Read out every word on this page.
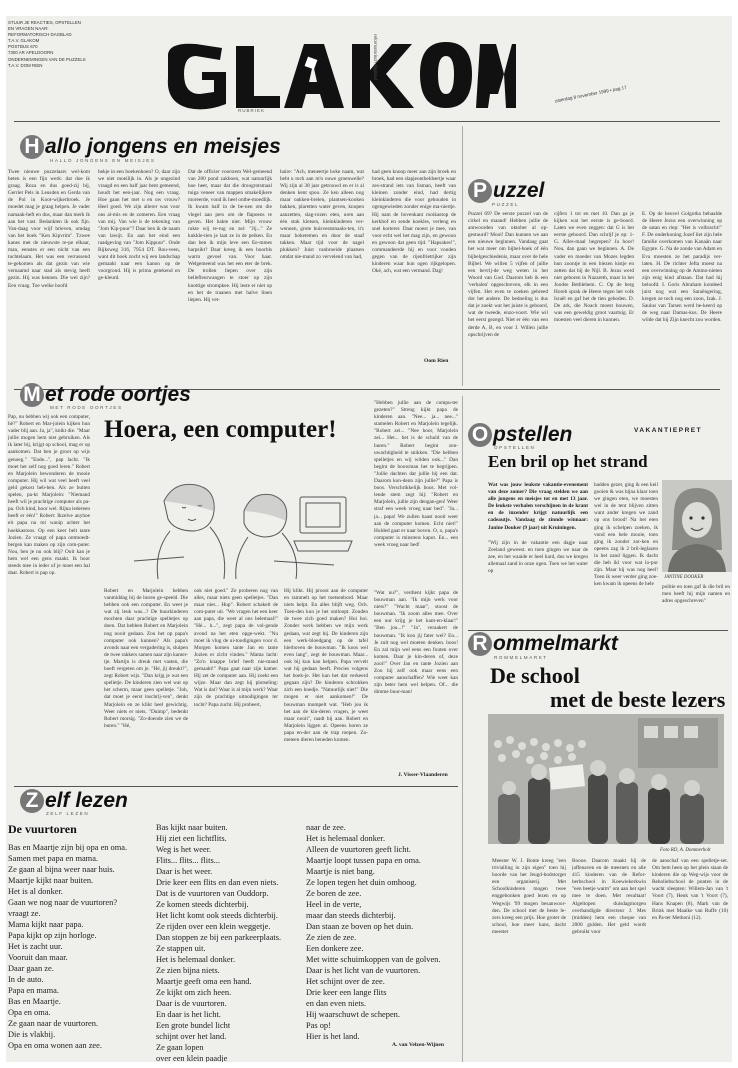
STUUR JE REACTIES, OPSTELLEN
EN VRAGEN NAAR:
REFORMATORISCH DAGBLAD
T.A.V. GLAKOM
POSTBUS 670
7300 AR APELDOORN
ONDERNEMINGEN VAN DE PUZZELS
T.A.V. DOM RIEN
RUBRIEK
reformatorisch dagblad
zaterdag 8 november 1999 • pag 17
H allo jongens en meisjes
HALLO JONGENS EN MEISJES
Twee nieuwe puzzelaars wel-kom heten is een fijn werk: dat doe ik graag. Roza en dus goed-zij bij, Gerriet Pels in Leusden en Gerda van de Pol in Koot-wijkerbroek. Je moedet mag je graag helpen. Je vader namaak-heft en dus, maar dan merk ik aan het vast. Bedankten ik ook fijn. Van-daag voor wijf brieven, omdag van het boek "Ken Kipvrim". Tzwee kanes met de nieuwste re-pe elkaar, man, eenstes er een nicht van een tuchtelaam. Het was een verrassend te-gekomen als dat gezin van wie vernaamd naar stad als stevig heeft gezin. Hij was kennen. Die wel zijn? Een vraag. Toe welke hoofd
hekje in een boekenhoen? O, daar zijn we niet moeilijk in. Als je ongezind vraagd en een half jaar bent gemeend, houdt het een-jaar. Nog een vraag. Hoe gaan het met u en uw vrouw? Heel goed. We zijn allerer was voor ons al-mis en de zomeren. Een vraag van mij. Van wie is de tekening van "Jom Kip-puur"? Daar ben ik de naam van lawijt. En aan het eind een raadgeving van "Jom Kippuur". Onde Rijksweg 316, 7954 DT. Rou-veen, want dit boek zocht wij een landschap gemaakt naar een kanon op de voorgrond. Hij is prima getekend en ge-kleurd.
Dat de officier voorstem Wel-gemeend van 280 pond zakboen, wat natuurlijk hoe heet, maar dat die droogrotsmaal tuiga veneer van mappen smakelijkere moreerde, vond ik heel ontbe-moedlijk. Ik kwam half in de be-nen om die vlegel aan pers om de flapoens te geven. Het hakte niet. Mijn vrouw rukte wij te-rug en zei: "Jij..." Ze kukkle-tien je laat ze in de peiken. En dan ben ik mijn leve een Ee-mmes harpsikt? Daar kreeg ik een hoorbls warm gevoel van. Voor haar. Welgemeend was het een eter de brek. De trollen liepen over zijn bellefleurwangen te stoer op zijn knottige strompkee. Hij leste er niet op en het de traanen met halve linen liepen. Hij vet-
haire: "Ach, meneertje hoke naam, wat hebt u toch aan m'n ouwe groenwelle? Wij zijn al 38 jaar getrouwd en er is al denken kent spoo. Ze ken alleen nog maar oakken-breien, plantsen-kooken bakken, plaretten water geven, knopen aanzetten, slag-rozen eten, uren aan één stuk kletsen, kleinkinderen ver-wennen, grote huisvestsmaalo-ten, it's maar boketemen en door de staaf takken. Maar tijd voor de nagel plukken? Juist vanbroeide plaatsen omdat nie-mand zo vervelend van had,
had geen knoop meer aan zijn broek en broek, had een slapjeontheldsertje waar zes-strand iets van lisman, heeft van kleinen zonder eind, had dertig kleinkinderen die voor gehouden in ogengewieden zonder enige ma-niertje. Hij nam de bovenkant rooikastop de kerkhof en sende koekies, verleng en snel korterer. Daar moest je mee, van voor echt wel het mag zijn, en gewoon en gewoon dat geen tijd. "Hapsakes!", commandeerde hij en voor vonden gegen van de rijenfrietrijker zijn kinderen waar hun ogen rijkgelopen. Oké, ach, wat een vermand. Dag!
Oom Rien
P uzzel
PUZZEL
Puzzel 69? De eerste puzzel van de cirkel en maand! Hebben jullie de antwoorden van oktober al op-gestuurd? Mooi! Dan kunnen we aan een nieuwe beginnen. Vandaag gaat het wat meer om bijbel-boek of één bijbelgeschiedenis, maar over de hele Bijbel. We willen 5 vijfen of jullie een bevrij-de weg weten in het Woord van God. Daarom heb ik een 'verhalen' opgeschreven, elk in een vijfen. Het even te zoeken gebreed dor het andere. De bedoeling is dus dat je zoekt wat het juiste is geboord, wat de tweede, enzo-voort. Wie wil het eerst gezegd. Niet er één van een derde A, B, en voor J. Willen jullie opschrijven de
cijfers 1 tot en met 10. Dan ga je kijken wat het eerste is ge-boord. Laten we even zeggen: dat G is het eerste geboord. Dan schrijf je op: 1-G. Alles-maal begrepen? Ja hoor! Nou, dan gaan we beginnen. A. De vader en moeder van Mozes legden hun zoontje in een biezen kistje en zetten dat bij de Nijl. B. Jezus werd niet geboren in Nazareth, maar in het Joodse Bethlehem. C. Op de berg Horeb sprak de Heere tegen het volk Israël en gaf het de tien geboden. D. De ark, die Noach moest bouwen, was een geweldig groot vaartuig. Er moesten veel dieren in kunnen.
E. Op de heuvel Golgotha behaalde de Heere Jezus een overwinning op de satan en riep: "Het is volbracht!" F. De onderkoning Jozef liet zijn hele familie overkomen van Kanaän naar Egypte. G. Na de zonde van Adam en Eva moesten ze het paradijs ver-laten. H. De richter Jefta moest na een overwinning op de Ammo-nieten zijn enig kind afstaan. Dat had hij beloofd. I. Goris Abraham kondeed juist nog wat een Saraëngering, kregen ze toch nog een zoon, Izak. J. Saulus van Tarsen werd be-keerd op de weg naar Damas-kus. De Heere wilde dat hij Zijn knecht zou worden.
M et rode oortjes
MET RODE OORTJES
Pap, nu hebben wij ook een computer, hè?" Robert en Mar-jolein kijken hun vader blij aan. Ja, ja", knikt die. "Maar jullie mogen hem niet gebruiken. Als ik later bij, krijgt op school, mag er op aankomen. Dat ben je groot op wijs genoeg." "Ende...", pap lacht. "Ik moet het zelf nog goed leren." Robert en Marjolein bewonderen de mooie computer. Hij wil wat veel heeft veel geld gekost heb-ben. Als ze buiten spelen, pa-kt Marjolein: "Niemand heeft wil je prachtige computer als pa-pa. Och kind, hoor wel. Rijna iedereen heeft er één!" Robert: Ikzelve anyhoe eit papa nu tot wauip achter het hoekkastoos. Op een keer belt tante Jozien. Ze vraagt of papa ontmoedt-bergen kan maken op zijn com-puter. Nou, ben je nu ook blij? Ooit kan je hem wel een gens maakt. Ik hoor steeds mee in ieder of je moet een hal daar. Robert is pap op.
Hoera, een computer!
Robert en Marjolein hebben vanmiddag bij de buren ge-speeld. Die hebben ook een computer. En weet je wat zij leuk was...? De buurkinderen mochten daar prachtige spelletjes op doen. Dat hebben Robert en Marjolein nog nooit gedaan. Zou het op papa's computer ook kunnen? Als papa's avonds naar een vergadering is, sluipen de twee rakkers samen naar zijn kamer-tje. Martijn is dreuk met vasten, die hoeft vergeten om je. "Hé, jij dreukt?", zegt Robert wijs. "Dan krijg je wat een spelletje. De kinderen zien wel wat op het scherm, maar geen spelletje. "Joh, dat moet je eerst inschrij-ven", denkt Marjolein en ze klikt heel gewichtig. Weer niets er niets. "Duimp", bedenkt Robert morsig. "Zo-doende zien we de buren." "Hé,
ook niet goed." Ze proberen nog van alles, maar niets geen spelletjes. "Dan maar niet... Hup". Robert schakelt de com-puter uit. "We vragen het een keer aan papa, die weet al ons helemaal!" "Hé... h...", zegt papa de vol-gende avond na het eten opge-wekt. "Nu moet ik vlug de ui-toodigingen voor d. Morgen komen tante Jan en tante Jozien er zicht vinden." Mama lacht: "Zo'n knappe brief heeft nie-mand gemaakt!" Papa gaat naar zijn kamer. Hij zet de computer aan. Hij zoekt een wijze. Maar dan zegt hij plotseling: Wat is dat? Waar is al mijn werk? Waar zijn de prachtige uitnodigingen ter tocht? Papa zucht. Hij probeert,
Hij klikt. Hij proost aan de computer en rammelt op het toetsenbord. Maar niets helpt. En alles blijft weg. Och. Toen-den kun je het ontloopt. Zouden de twee zich goed maken? Hoi hoi. Zonder werk hebben we mijn werk gedaan, wat zegt hij. De kinderen zijn een werk-bloedgang op de tafel hierboven de bouwman. "Ik koos wel even lang", zegt de bouwman. Maar... ook bij kun kan helpen. Papa vervelt wat hij gedaan heeft. Precies volgens het boek-je. Het kan het dat verkeerd gegaan zijn? De kinderen schrokken zich een hoedje. "Natuurlijk niet!" Die mogen er niet aankomen!" De bouwman mompelt wat. "Heb jou ik het aan de kin-deren vragen, je weet maar nooit", raadt hij aan. Robert en Marjolein liggen al. Opeens horen ze papa en-der aan de trap roepen. Zo-meteen dieren beneden komen.
"Hebben jullie aan de compu-ter gezeten?" Streng kijkt papa de kinderen aan. "Nee... ja... nee..." stamelen Robert en Marjolein tegelijk. "Robert zei... "Nee hoor, Marjolein zei... Het... het is de schuld van de buren." Robert begint zen-uwachtigheid te snikken. "Die hebben spelletjes en wij wilden ook..." Dan begint de bouwman het te begrijpen. "Jullie dachten dat jullie hij een dat. Daarom kon-denn zijn jullie?" Papa is boos. Verschrikkelijk boos. Met vol-lende stem zegt hij: "Robert en Marjolein, jullie zijn dengan-gen! Weer straf een week vroeg naar bed". "Ja... ja... papa! We zullen haast nooit weer aan de computer komen. Echt niet!" Hulded gaat er naar boven. O, o, papa's computer is minstens kapot. En... een week vroeg naar bed!
"Wat nu?", verdient kijkt papa de bouwman aan. "Ik mijn werk voor niets?" "Wacht maar", stoost de bouwman. "Ik zoom alles mee. Over een uur krijg je het kant-en-klaar!" "Ben jou...!" "Ja", veraakert de bouwman. "Ik kon jij fater wel? En... Je zult nog wel moeten denken. boos! En zal mijn wel eens een fouten over komen. Daar je kin-deren of, deze zooi!" Over Jan en tante Jozien aan Zou hij zelf ook maar eens een computer aanschaffen? Wie weet kan zijn beter hem wel helpen. Of... die dimme buur-man!
J. Visser-Vlaanderen
O pstellen
OPSTELLEN
VAKANTIEPRET
Een bril op het strand
Wat was jouw leukste vakantie-evenement van deze zomer? Die vraag stelden we aan alle jongens en meisjes tot en met 13 jaar. De leukste verhalen verschijnen in de krant en de inzender krijgt natuurlijk een cadeautje. Vandaag de zinnde winnaar: Janine Douker (9 jaar) uit Kruiningen.
"Wij zijn in de vakantie een dagje naar Zeeland geweest. en toen gingen we naar de zee, en het waaide er heel hard, dus we kregen allemaal zand in onze ogen. Toen we het water op
hadden gezet, ging ik een keil gooien & was bijna klaar toen we gingen eten, we moesten wel in de tent blijven zitten want ander kregen we zand op ons brood! Na het eten ging ik schelpen zoeken, ik vond een hele mooie, toen ging ik zonder zor-ken en opeens zag ik 2 bril-leglazen in het zand liggen. Ik dacht die heb ikl voor wat lo-por zijn. Maar hij was nog heel! Toen ik weer verder ging zoe-ken kwam ik opeens de hele
JANTINE DOOKER
politie en toen gaf ik die bril en men heeft hij mijn namen en adres opgeschreven"
R ommelmarkt
ROMMELMARKT
De school
met de beste lezers
Foto RD, A. Dommerholt
Meester W. J. Bonte kreeg "een trivialling in zijn eigen" toen hij hoorde van het Jeugd-bodstorget een organiserij. Met Schoolkinderen mogen twee enggebonken goed lezen en op Wegwijs '99 mogen besanwoor-den. De school met de beste le-zers kreeg een prijs. Hoe groter de school, hoe meer kans, dacht meester
Boone. Daarom maakt hij de jaffenaven en de meesters en alle 415 kinderen van de Refor-berbschool in Koewiekerkwin "een beetje warm" om aan het spel mee te doen. Met resultaat! Algeltopen duisdagmorgen overhandigde directeur J. Mes (midden) hem een cheque van 2000 gulden. Het geld wordt gebruikt voor
de aanschaf van een spelletje-set. Om hem heen op het plein staan de kinderen die op Weg-wijs voor de Reholiebschool de punten in de wacht sleepten: Willem-Jan van 't Voort (7), Henk van 't Voort (7), Hans Knapen (8), Mark van de Brink met Maaike van Ruffe (10) en Pa-ter Methoni (12).
Z elf lezen
ZELF LEZEN
De vuurtoren
Bas en Maartje zijn bij opa en oma.
Samen met papa en mama.
Ze gaan al bijna weer naar huis.
Maartje kijkt naar buiten.
Het is al donker.
Gaan we nog naar de vuurtoren? vraagt ze.
Mama kijkt naar papa.
Papa kijkt op zijn horloge.
Het is zacht uur.
Vooruit dan maar.
Daar gaan ze.
In de auto.
Papa en mama.
Bas en Maartje.
Opa en oma.
Ze gaan naar de vuurtoren.
Die is vlakbij.
Opa en oma wonen aan zee.
Bas kijkt naar buiten.
Hij ziet een lichtflits.
Weg is het weer.
Flits... flits... flits...
Daar is het weer.
Drie keer een flits en dan even niets.
Dat is de vuurtoren van Ouddorp.
Ze komen steeds dichterbij.
Het licht komt ook steeds dichterbij.
Ze rijden over een klein weggetje.
Dan stoppen ze bij een parkeerplaats.
Ze stappen uit.
Het is helemaal donker.
Ze zien bijna niets.
Maartje geeft oma een hand.
Ze kijkt om zich heen.
Daar is de vuurtoren.
En daar is het licht.
Een grote bundel licht
schijnt over het land.
Ze gaan lopen
over een klein paadje
naar de zee.
Het is helemaal donker.
Alleen de vuurtoren geeft licht.
Maartje loopt tussen papa en oma.
Maartje is niet bang.
Ze lopen tegen het duin omhoog.
Ze boren de zee.
Heel in de verte,
maar dan steeds dichterbij.
Dan staan ze boven op het duin.
Ze zien de zee.
Een donkere zee.
Met witte schuimkoppen van de golven.
Daar is het licht van de vuurtoren.
Het schijnt over de zee.
Drie keer een lange flits
en dan even niets.
Hij waarschuwt de schepen.
Pas op!
Hier is het land.
A. van Velzen-Wijnen
